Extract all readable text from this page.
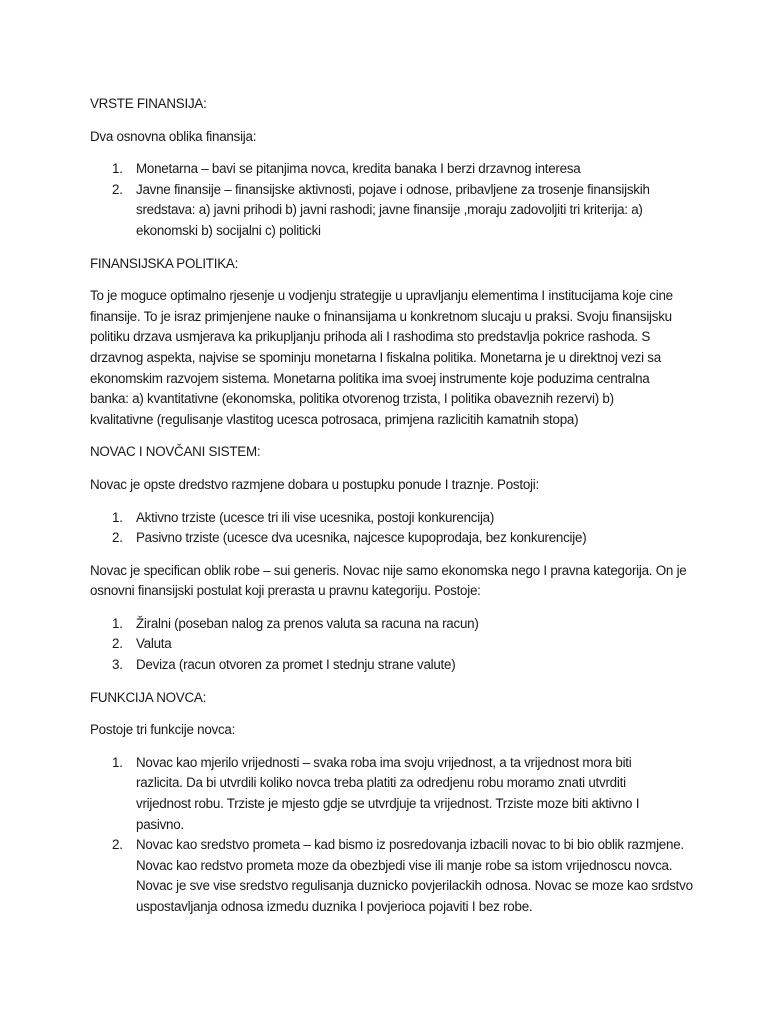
VRSTE FINANSIJA:
Dva osnovna oblika finansija:
1. Monetarna – bavi se pitanjima novca, kredita banaka I berzi drzavnog interesa
2. Javne finansije – finansijske aktivnosti, pojave i odnose, pribavljene za trosenje finansijskih
sredstava: a) javni prihodi b) javni rashodi; javne finansije ,moraju zadovoljiti tri kriterija: a)
ekonomski b) socijalni c) politicki
FINANSIJSKA POLITIKA:
To je moguce optimalno rjesenje u vodjenju strategije u upravljanju elementima I institucijama koje cine
finansije. To je israz primjenjene nauke o fninansijama u konkretnom slucaju u praksi. Svoju finansijsku
politiku drzava usmjerava ka prikupljanju prihoda ali I rashodima sto predstavlja pokrice rashoda. S
drzavnog aspekta, najvise se spominju monetarna I fiskalna politika. Monetarna je u direktnoj vezi sa
ekonomskim razvojem sistema. Monetarna politika ima svoej instrumente koje poduzima centralna
banka: a) kvantitativne (ekonomska, politika otvorenog trzista, I politika obaveznih rezervi) b)
kvalitativne (regulisanje vlastitog ucesca potrosaca, primjena razlicitih kamatnih stopa)
NOVAC I NOVČANI SISTEM:
Novac je opste dredstvo razmjene dobara u postupku ponude I traznje. Postoji:
1. Aktivno trziste (ucesce tri ili vise ucesnika, postoji konkurencija)
2. Pasivno trziste (ucesce dva ucesnika, najcesce kupoprodaja, bez konkurencije)
Novac je specifican oblik robe – sui generis. Novac nije samo ekonomska nego I pravna kategorija. On je
osnovni finansijski postulat koji prerasta u pravnu kategoriju. Postoje:
1. Žiralni (poseban nalog za prenos valuta sa racuna na racun)
2. Valuta
3. Deviza (racun otvoren za promet I stednju strane valute)
FUNKCIJA NOVCA:
Postoje tri funkcije novca:
1. Novac kao mjerilo vrijednosti – svaka roba ima svoju vrijednost, a ta vrijednost mora biti
razlicita. Da bi utvrdili koliko novca treba platiti za odredjenu robu moramo znati utvrditi
vrijednost robu. Trziste je mjesto gdje se utvrdjuje ta vrijednost. Trziste moze biti aktivno I
pasivno.
2. Novac kao sredstvo prometa – kad bismo iz posredovanja izbacili novac to bi bio oblik razmjene.
Novac kao redstvo prometa moze da obezbjedi vise ili manje robe sa istom vrijednoscu novca.
Novac je sve vise sredstvo regulisanja duznicko povjerilackih odnosa. Novac se moze kao srdstvo
uspostavljanja odnosa izmedu duznika I povjerioca pojaviti I bez robe.
